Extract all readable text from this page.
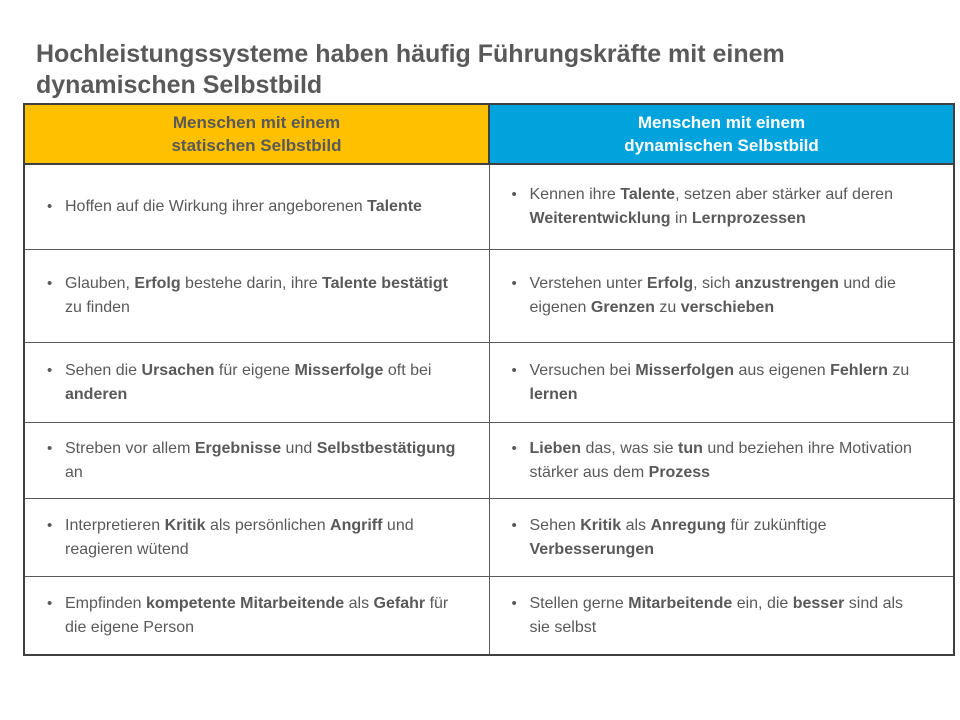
Hochleistungssysteme haben häufig Führungskräfte mit einem dynamischen Selbstbild
Menschen mit einem
statischen Selbstbild
Menschen mit einem
dynamischen Selbstbild
• Hoffen auf die Wirkung ihrer angeborenen Talente
• Kennen ihre Talente, setzen aber stärker auf deren Weiterentwicklung in Lernprozessen
• Glauben, Erfolg bestehe darin, ihre Talente bestätigt zu finden
• Verstehen unter Erfolg, sich anzustrengen und die eigenen Grenzen zu verschieben
• Sehen die Ursachen für eigene Misserfolge oft bei anderen
• Versuchen bei Misserfolgen aus eigenen Fehlern zu lernen
• Streben vor allem Ergebnisse und Selbstbestätigung an
• Lieben das, was sie tun und beziehen ihre Motivation stärker aus dem Prozess
• Interpretieren Kritik als persönlichen Angriff und reagieren wütend
• Sehen Kritik als Anregung für zukünftige Verbesserungen
• Empfinden kompetente Mitarbeitende als Gefahr für die eigene Person
• Stellen gerne Mitarbeitende ein, die besser sind als sie selbst
